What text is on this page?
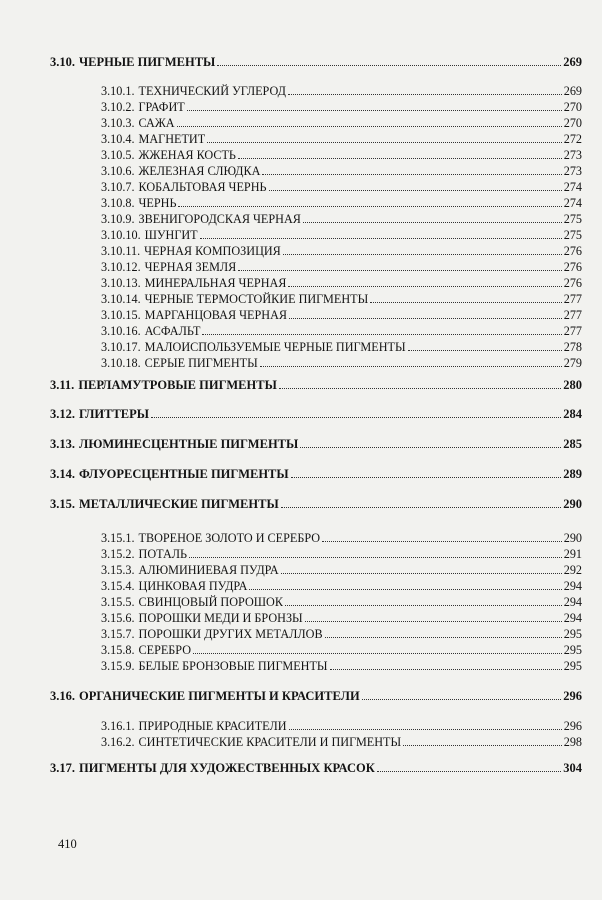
3.10. ЧЕРНЫЕ ПИГМЕНТЫ	269
3.10.1. ТЕХНИЧЕСКИЙ УГЛЕРОД	269
3.10.2. ГРАФИТ	270
3.10.3. САЖА	270
3.10.4. МАГНЕТИТ	272
3.10.5. ЖЖЕНАЯ КОСТЬ	273
3.10.6. ЖЕЛЕЗНАЯ СЛЮДКА	273
3.10.7. КОБАЛЬТОВАЯ ЧЕРНЬ	274
3.10.8. ЧЕРНЬ	274
3.10.9. ЗВЕНИГОРОДСКАЯ ЧЕРНАЯ	275
3.10.10. ШУНГИТ	275
3.10.11. ЧЕРНАЯ КОМПОЗИЦИЯ	276
3.10.12. ЧЕРНАЯ ЗЕМЛЯ	276
3.10.13. МИНЕРАЛЬНАЯ ЧЕРНАЯ	276
3.10.14. ЧЕРНЫЕ ТЕРМОСТОЙКИЕ ПИГМЕНТЫ	277
3.10.15. МАРГАНЦОВАЯ ЧЕРНАЯ	277
3.10.16. АСФАЛЬТ	277
3.10.17. МАЛОИСПОЛЬЗУЕМЫЕ ЧЕРНЫЕ ПИГМЕНТЫ	278
3.10.18. СЕРЫЕ ПИГМЕНТЫ	279
3.11. ПЕРЛАМУТРОВЫЕ ПИГМЕНТЫ	280
3.12. ГЛИТТЕРЫ	284
3.13. ЛЮМИНЕСЦЕНТНЫЕ ПИГМЕНТЫ	285
3.14. ФЛУОРЕСЦЕНТНЫЕ ПИГМЕНТЫ	289
3.15. МЕТАЛЛИЧЕСКИЕ ПИГМЕНТЫ	290
3.15.1. ТВОРЕНОЕ ЗОЛОТО И СЕРЕБРО	290
3.15.2. ПОТАЛЬ	291
3.15.3. АЛЮМИНИЕВАЯ ПУДРА	292
3.15.4. ЦИНКОВАЯ ПУДРА	294
3.15.5. СВИНЦОВЫЙ ПОРОШОК	294
3.15.6. ПОРОШКИ МЕДИ И БРОНЗЫ	294
3.15.7. ПОРОШКИ ДРУГИХ МЕТАЛЛОВ	295
3.15.8. СЕРЕБРО	295
3.15.9. БЕЛЫЕ БРОНЗОВЫЕ ПИГМЕНТЫ	295
3.16. ОРГАНИЧЕСКИЕ ПИГМЕНТЫ И КРАСИТЕЛИ	296
3.16.1. ПРИРОДНЫЕ КРАСИТЕЛИ	296
3.16.2. СИНТЕТИЧЕСКИЕ КРАСИТЕЛИ И ПИГМЕНТЫ	298
3.17. ПИГМЕНТЫ ДЛЯ ХУДОЖЕСТВЕННЫХ КРАСОК	304
410
